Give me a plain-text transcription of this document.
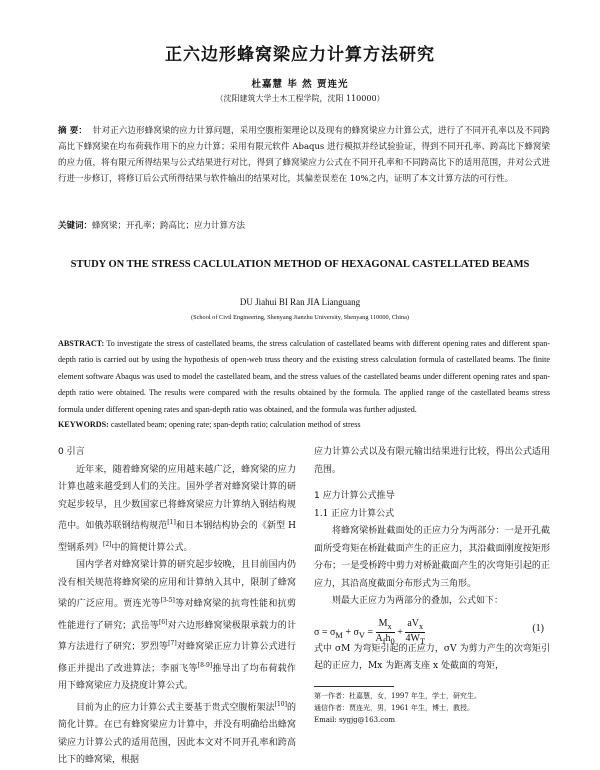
正六边形蜂窝梁应力计算方法研究
杜嘉慧 毕 然 贾连光
（沈阳建筑大学土木工程学院，沈阳 110000）
摘 要： 针对正六边形蜂窝梁的应力计算问题，采用空腹桁架理论以及现有的蜂窝梁应力计算公式，进行了不同开孔率以及不同跨高比下蜂窝梁在均布荷载作用下的应力计算；采用有限元软件 Abaqus 进行模拟并经试验验证，得到不同开孔率、跨高比下蜂窝梁的应力值，将有限元所得结果与公式结果进行对比，得到了蜂窝梁应力公式在不同开孔率和不同跨高比下的适用范围，并对公式进行进一步修订，将修订后公式所得结果与软件输出的结果对比，其偏差误差在 10%之内，证明了本文计算方法的可行性。
关键词：蜂窝梁；开孔率；跨高比；应力计算方法
STUDY ON THE STRESS CACLULATION METHOD OF HEXAGONAL CASTELLATED BEAMS
DU Jiahui BI Ran JIA Lianguang
(School of Civil Engineering, Shenyang Jianzhu University, Shenyang 110000, China)
ABSTRACT: To investigate the stress of castellated beams, the stress calculation of castellated beams with different opening rates and different span-depth ratio is carried out by using the hypothesis of open-web truss theory and the existing stress calculation formula of castellated beams. The finite element software Abaqus was used to model the castellated beam, and the stress values of the castellated beams under different opening rates and span-depth ratio were obtained. The results were compared with the results obtained by the formula. The applied range of the castellated beams stress formula under different opening rates and span-depth ratio was obtained, and the formula was further adjusted.
KEYWORDS: castellated beam; opening rate; span-depth ratio; calculation method of stress
0 引言

近年来，随着蜂窝梁的应用越来越广泛，蜂窝梁的应力计算也越来越受到人们的关注。国外学者对蜂窝梁计算的研究起步较早，且少数国家已将蜂窝梁应力计算纳入钢结构规范中。如俄苏联钢结构规范[1]和日本钢结构协会的《新型 H 型钢系列》[2]中的简便计算公式。

国内学者对蜂窝梁计算的研究起步较晚，且目前国内仍没有相关规范将蜂窝梁的应用和计算纳入其中，限制了蜂窝梁的广泛应用。贾连光等[3-5]等对蜂窝梁的抗弯性能和抗剪性能进行了研究；武岳等[6]对六边形蜂窝梁极限承载力的计算方法进行了研究；罗烈等[7]对蜂窝梁正应力计算公式进行修正并提出了改进算法；李丽飞等[8-9]推导出了均布荷载作用下蜂窝梁应力及挠度计算公式。

目前为止的应力计算公式主要基于贵式空腹桁架法[10]的简化计算。在已有蜂窝梁应力计算中，并没有明确给出蜂窝梁应力计算公式的适用范围，因此本文对不同开孔率和跨高比下的蜂窝梁，根据

应力计算公式以及有限元输出结果进行比较，得出公式适用范围。

1 应力计算公式推导
1.1 正应力计算公式

将蜂窝梁桥趾截面处的正应力分为两部分：一是开孔截面所受弯矩在桥趾截面产生的正应力，其沿截面刚度按矩形分布；一是受桥跨中剪力对桥趾截面产生的次弯矩引起的正应力，其沿高度截面分布形式为三角形。

则最大正应力为两部分的叠加，公式如下：

$\sigma = \sigma_M + \sigma_V = \frac{M_x}{A_fh_0} + \frac{aV_x}{4W_T}$	(1)

式中 σM 为弯矩引起的正应力，σV 为剪力产生的次弯矩引起的正应力，Mx 为距离支座 x 处截面的弯矩，

第一作者：杜嘉慧，女，1997 年生，学士，研究生。
通信作者：贾连光，男，1961 年生，博士，教授。
Email: sygjg@163.com
